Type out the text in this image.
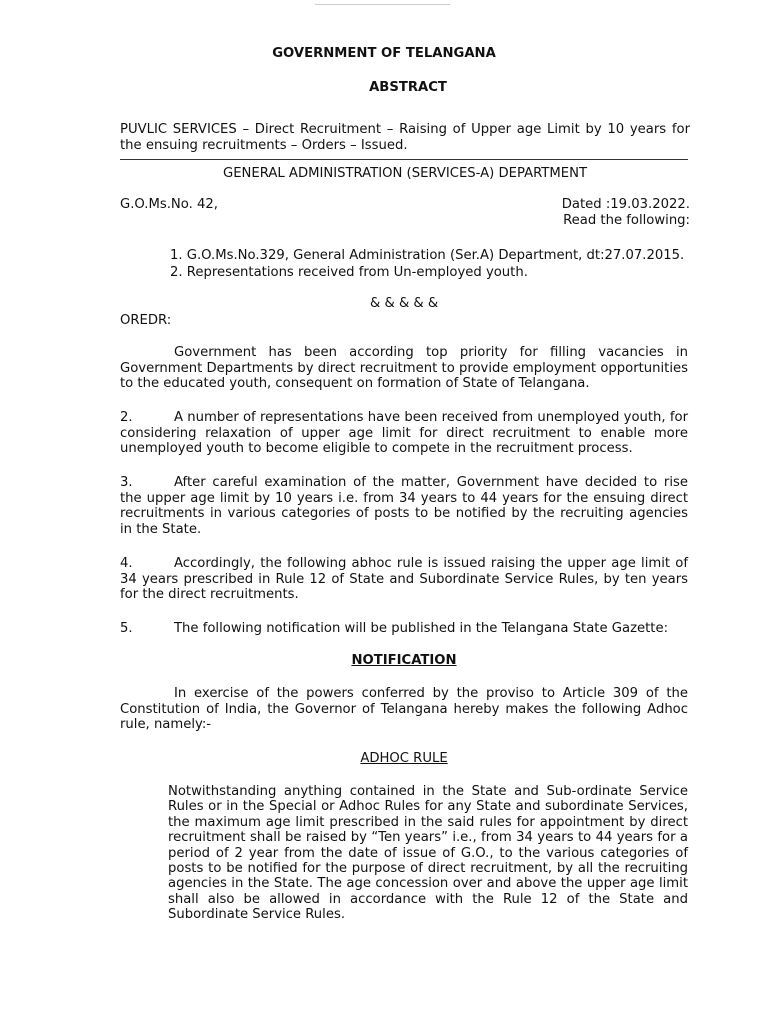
GOVERNMENT OF TELANGANA
ABSTRACT
PUVLIC SERVICES – Direct Recruitment – Raising of Upper age Limit by 10 years for the ensuing recruitments – Orders – Issued.
GENERAL ADMINISTRATION (SERVICES-A) DEPARTMENT
G.O.Ms.No. 42,	Dated :19.03.2022.
Read the following:
1. G.O.Ms.No.329, General Administration (Ser.A) Department, dt:27.07.2015.
2. Representations received from Un-employed youth.
& & & & &
OREDR:
Government has been according top priority for filling vacancies in Government Departments by direct recruitment to provide employment opportunities to the educated youth, consequent on formation of State of Telangana.
2.	A number of representations have been received from unemployed youth, for considering relaxation of upper age limit for direct recruitment to enable more unemployed youth to become eligible to compete in the recruitment process.
3.	After careful examination of the matter, Government have decided to rise the upper age limit by 10 years i.e. from 34 years to 44 years for the ensuing direct recruitments in various categories of posts to be notified by the recruiting agencies in the State.
4.	Accordingly, the following abhoc rule is issued raising the upper age limit of 34 years prescribed in Rule 12 of State and Subordinate Service Rules, by ten years for the direct recruitments.
5.	The following notification will be published in the Telangana State Gazette:
NOTIFICATION
In exercise of the powers conferred by the proviso to Article 309 of the Constitution of India, the Governor of Telangana hereby makes the following Adhoc rule, namely:-
ADHOC RULE
Notwithstanding anything contained in the State and Sub-ordinate Service Rules or in the Special or Adhoc Rules for any State and subordinate Services, the maximum age limit prescribed in the said rules for appointment by direct recruitment shall be raised by “Ten years” i.e., from 34 years to 44 years for a period of 2 year from the date of issue of G.O., to the various categories of posts to be notified for the purpose of direct recruitment, by all the recruiting agencies in the State. The age concession over and above the upper age limit shall also be allowed in accordance with the Rule 12 of the State and Subordinate Service Rules.
